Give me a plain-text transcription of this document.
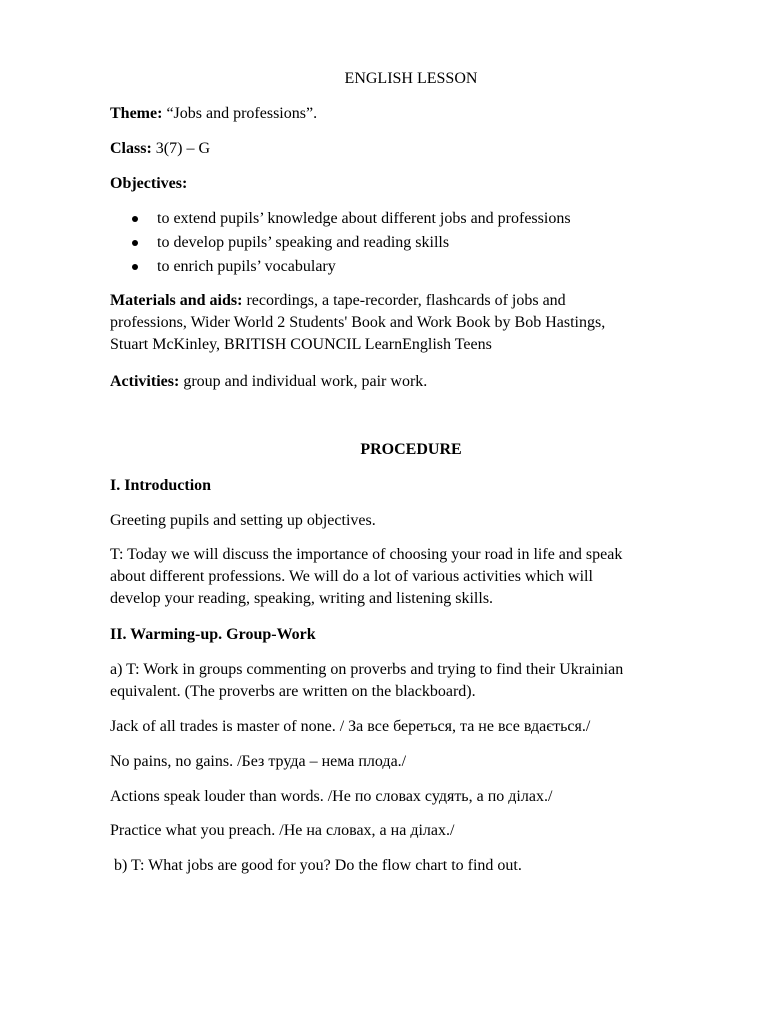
ENGLISH LESSON

Theme: “Jobs and professions”.

Class: 3(7) – G

Objectives:

to extend pupils’ knowledge about different jobs and professions
to develop pupils’ speaking and reading skills
to enrich pupils’ vocabulary

Materials and aids: recordings, a tape-recorder, flashcards of jobs and
professions, Wider World 2 Students' Book and Work Book by Bob Hastings,
Stuart McKinley, BRITISH COUNCIL LearnEnglish Teens

Activities: group and individual work, pair work.

PROCEDURE

I. Introduction

Greeting pupils and setting up objectives.

T: Today we will discuss the importance of choosing your road in life and speak
about different professions. We will do a lot of various activities which will
develop your reading, speaking, writing and listening skills.

II. Warming-up. Group-Work

a) T: Work in groups commenting on proverbs and trying to find their Ukrainian
equivalent. (The proverbs are written on the blackboard).

Jack of all trades is master of none. / За все береться, та не все вдається./

No pains, no gains. /Без труда – нема плода./

Actions speak louder than words. /Не по словах судять, а по ділах./

Practice what you preach. /Не на словах, а на ділах./

b) T: What jobs are good for you? Do the flow chart to find out.
